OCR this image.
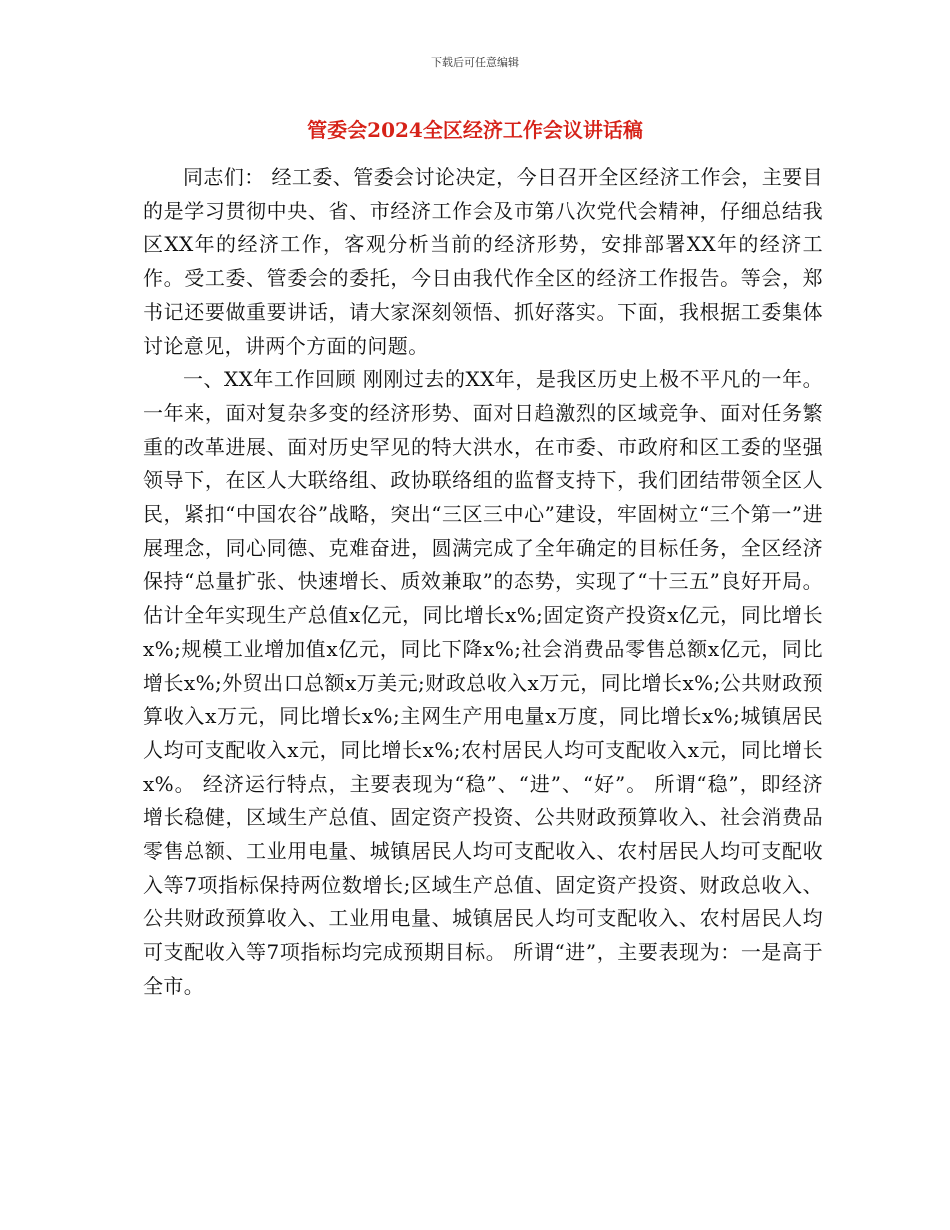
下载后可任意编辑
管委会2024全区经济工作会议讲话稿

同志们： 经工委、管委会讨论决定，今日召开全区经济工作会，主要目的是学习贯彻中央、省、市经济工作会及市第八次党代会精神，仔细总结我区XX年的经济工作，客观分析当前的经济形势，安排部署XX年的经济工作。受工委、管委会的委托，今日由我代作全区的经济工作报告。等会，郑书记还要做重要讲话，请大家深刻领悟、抓好落实。下面，我根据工委集体讨论意见，讲两个方面的问题。

一、XX年工作回顾 刚刚过去的XX年，是我区历史上极不平凡的一年。一年来，面对复杂多变的经济形势、面对日趋激烈的区域竞争、面对任务繁重的改革进展、面对历史罕见的特大洪水，在市委、市政府和区工委的坚强领导下，在区人大联络组、政协联络组的监督支持下，我们团结带领全区人民，紧扣“中国农谷”战略，突出“三区三中心”建设，牢固树立“三个第一”进展理念，同心同德、克难奋进，圆满完成了全年确定的目标任务，全区经济保持“总量扩张、快速增长、质效兼取”的态势，实现了“十三五”良好开局。估计全年实现生产总值x亿元，同比增长x%;固定资产投资x亿元，同比增长x%;规模工业增加值x亿元，同比下降x%;社会消费品零售总额x亿元，同比增长x%;外贸出口总额x万美元;财政总收入x万元，同比增长x%;公共财政预算收入x万元，同比增长x%;主网生产用电量x万度，同比增长x%;城镇居民人均可支配收入x元，同比增长x%;农村居民人均可支配收入x元，同比增长x%。 经济运行特点，主要表现为“稳”、“进”、“好”。 所谓“稳”，即经济增长稳健，区域生产总值、固定资产投资、公共财政预算收入、社会消费品零售总额、工业用电量、城镇居民人均可支配收入、农村居民人均可支配收入等7项指标保持两位数增长;区域生产总值、固定资产投资、财政总收入、公共财政预算收入、工业用电量、城镇居民人均可支配收入、农村居民人均可支配收入等7项指标均完成预期目标。 所谓“进”，主要表现为：一是高于全市。
